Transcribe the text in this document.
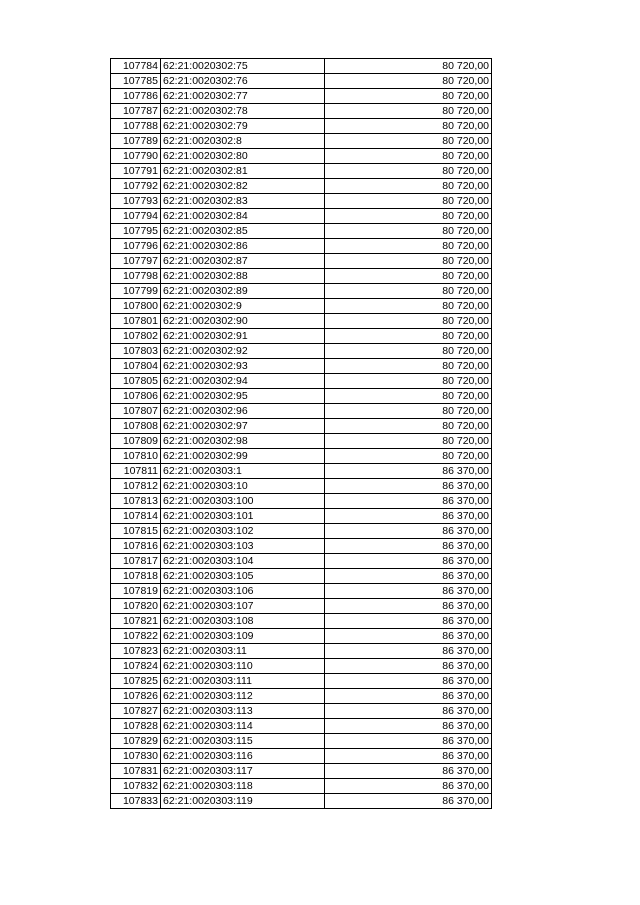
107784	62:21:0020302:75	80 720,00
107785	62:21:0020302:76	80 720,00
107786	62:21:0020302:77	80 720,00
107787	62:21:0020302:78	80 720,00
107788	62:21:0020302:79	80 720,00
107789	62:21:0020302:8	80 720,00
107790	62:21:0020302:80	80 720,00
107791	62:21:0020302:81	80 720,00
107792	62:21:0020302:82	80 720,00
107793	62:21:0020302:83	80 720,00
107794	62:21:0020302:84	80 720,00
107795	62:21:0020302:85	80 720,00
107796	62:21:0020302:86	80 720,00
107797	62:21:0020302:87	80 720,00
107798	62:21:0020302:88	80 720,00
107799	62:21:0020302:89	80 720,00
107800	62:21:0020302:9	80 720,00
107801	62:21:0020302:90	80 720,00
107802	62:21:0020302:91	80 720,00
107803	62:21:0020302:92	80 720,00
107804	62:21:0020302:93	80 720,00
107805	62:21:0020302:94	80 720,00
107806	62:21:0020302:95	80 720,00
107807	62:21:0020302:96	80 720,00
107808	62:21:0020302:97	80 720,00
107809	62:21:0020302:98	80 720,00
107810	62:21:0020302:99	80 720,00
107811	62:21:0020303:1	86 370,00
107812	62:21:0020303:10	86 370,00
107813	62:21:0020303:100	86 370,00
107814	62:21:0020303:101	86 370,00
107815	62:21:0020303:102	86 370,00
107816	62:21:0020303:103	86 370,00
107817	62:21:0020303:104	86 370,00
107818	62:21:0020303:105	86 370,00
107819	62:21:0020303:106	86 370,00
107820	62:21:0020303:107	86 370,00
107821	62:21:0020303:108	86 370,00
107822	62:21:0020303:109	86 370,00
107823	62:21:0020303:11	86 370,00
107824	62:21:0020303:110	86 370,00
107825	62:21:0020303:111	86 370,00
107826	62:21:0020303:112	86 370,00
107827	62:21:0020303:113	86 370,00
107828	62:21:0020303:114	86 370,00
107829	62:21:0020303:115	86 370,00
107830	62:21:0020303:116	86 370,00
107831	62:21:0020303:117	86 370,00
107832	62:21:0020303:118	86 370,00
107833	62:21:0020303:119	86 370,00
